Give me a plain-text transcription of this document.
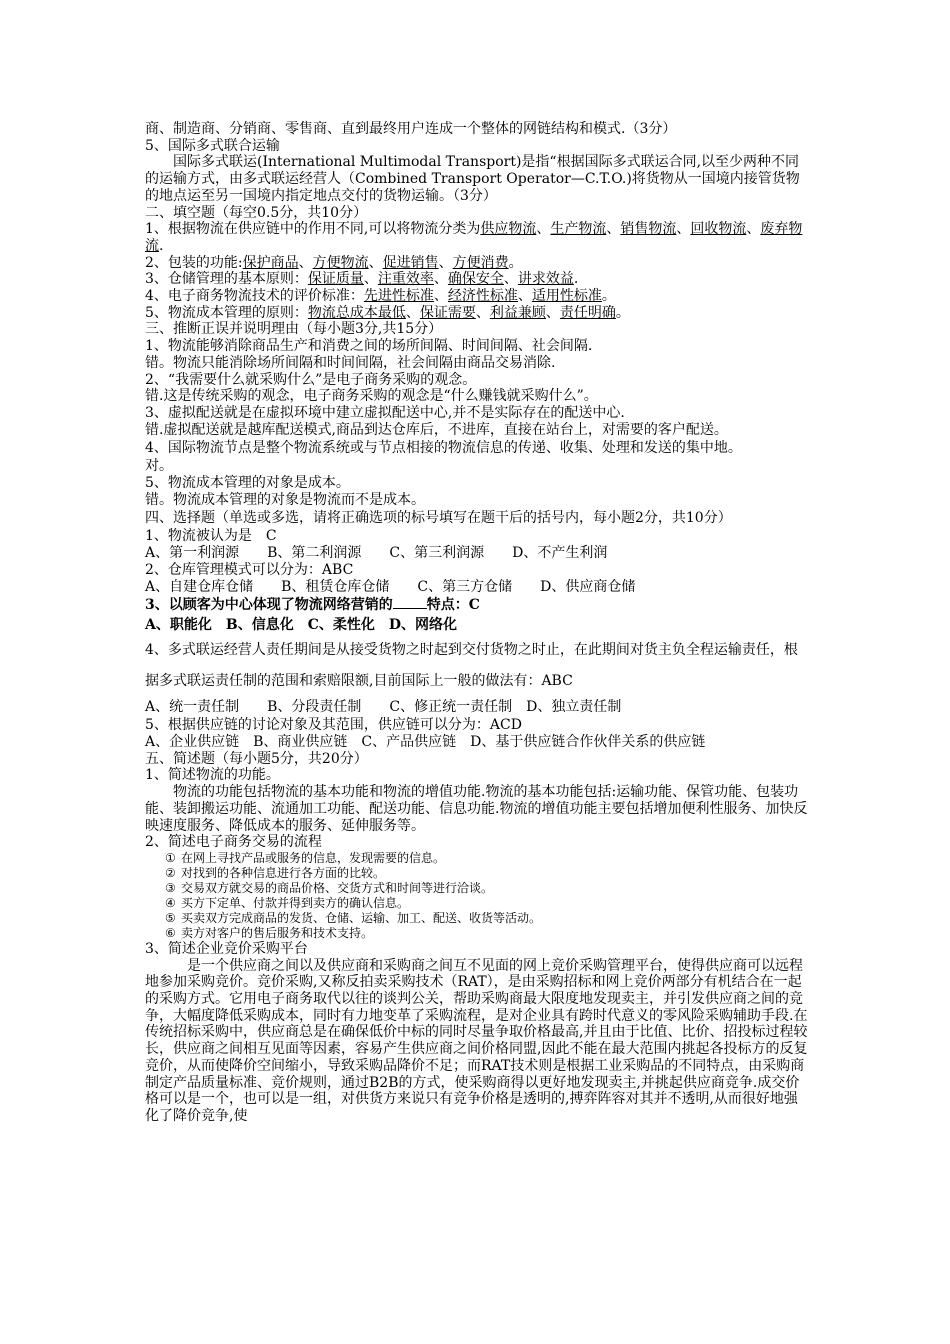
商、制造商、分销商、零售商、直到最终用户连成一个整体的网链结构和模式.（3分）
5、国际多式联合运输
国际多式联运(International Multimodal Transport)是指“根据国际多式联运合同,以至少两种不同的运输方式，由多式联运经营人（Combined Transport Operator—C.T.O.)将货物从一国境内接管货物的地点运至另一国境内指定地点交付的货物运输。（3分）
二、填空题（每空0.5分，共10分）
1、根据物流在供应链中的作用不同,可以将物流分类为供应物流、生产物流、销售物流、回收物流、废弃物流.
2、包装的功能:保护商品、方便物流、促进销售、方便消费。
3、仓储管理的基本原则：保证质量、注重效率、确保安全、讲求效益.
4、电子商务物流技术的评价标准：先进性标准、经济性标准、适用性标准。
5、物流成本管理的原则：物流总成本最低、保证需要、利益兼顾、责任明确。
三、推断正误并说明理由（每小题3分,共15分）
1、物流能够消除商品生产和消费之间的场所间隔、时间间隔、社会间隔.
错。物流只能消除场所间隔和时间间隔，社会间隔由商品交易消除.
2、“我需要什么就采购什么”是电子商务采购的观念。
错.这是传统采购的观念，电子商务采购的观念是“什么赚钱就采购什么”。
3、虚拟配送就是在虚拟环境中建立虚拟配送中心,并不是实际存在的配送中心.
错.虚拟配送就是越库配送模式,商品到达仓库后，不进库，直接在站台上，对需要的客户配送。
4、国际物流节点是整个物流系统或与节点相接的物流信息的传递、收集、处理和发送的集中地。
对。
5、物流成本管理的对象是成本。
错。物流成本管理的对象是物流而不是成本。
四、选择题（单选或多选，请将正确选项的标号填写在题干后的括号内，每小题2分，共10分）
1、物流被认为是　C
A、第一利润源　　B、第二利润源　　C、第三利润源　　D、不产生利润
2、仓库管理模式可以分为：ABC
A、自建仓库仓储　　B、租赁仓库仓储　　C、第三方仓储　　D、供应商仓储
3、以顾客为中心体现了物流网络营销的 特点：C
A、职能化　B、信息化　C、柔性化　D、网络化
4、多式联运经营人责任期间是从接受货物之时起到交付货物之时止，在此期间对货主负全程运输责任，根据多式联运责任制的范围和索赔限额,目前国际上一般的做法有：ABC
A、统一责任制　　B、分段责任制　　C、修正统一责任制　D、独立责任制
5、根据供应链的讨论对象及其范围，供应链可以分为：ACD
A、企业供应链　B、商业供应链　C、产品供应链　D、基于供应链合作伙伴关系的供应链
五、简述题（每小题5分，共20分）
1、简述物流的功能。
物流的功能包括物流的基本功能和物流的增值功能.物流的基本功能包括:运输功能、保管功能、包装功能、装卸搬运功能、流通加工功能、配送功能、信息功能.物流的增值功能主要包括增加便利性服务、加快反映速度服务、降低成本的服务、延伸服务等。
2、简述电子商务交易的流程
① 在网上寻找产品或服务的信息，发现需要的信息。
② 对找到的各种信息进行各方面的比较。
③ 交易双方就交易的商品价格、交货方式和时间等进行洽谈。
④ 买方下定单、付款并得到卖方的确认信息。
⑤ 买卖双方完成商品的发货、仓储、运输、加工、配送、收货等活动。
⑥ 卖方对客户的售后服务和技术支持。
3、简述企业竞价采购平台
是一个供应商之间以及供应商和采购商之间互不见面的网上竞价采购管理平台，使得供应商可以远程地参加采购竞价。竞价采购,又称反拍卖采购技术（RAT），是由采购招标和网上竞价两部分有机结合在一起的采购方式。它用电子商务取代以往的谈判公关，帮助采购商最大限度地发现卖主，并引发供应商之间的竞争，大幅度降低采购成本，同时有力地变革了采购流程，是对企业具有跨时代意义的零风险采购辅助手段.在传统招标采购中，供应商总是在确保低价中标的同时尽量争取价格最高,并且由于比值、比价、招投标过程较长，供应商之间相互见面等因素，容易产生供应商之间价格同盟,因此不能在最大范围内挑起各投标方的反复竞价，从而使降价空间缩小，导致采购品降价不足；而RAT技术则是根据工业采购品的不同特点，由采购商制定产品质量标准、竞价规则，通过B2B的方式，使采购商得以更好地发现卖主,并挑起供应商竞争.成交价格可以是一个，也可以是一组，对供货方来说只有竞争价格是透明的,搏弈阵容对其并不透明,从而很好地强化了降价竞争,使
